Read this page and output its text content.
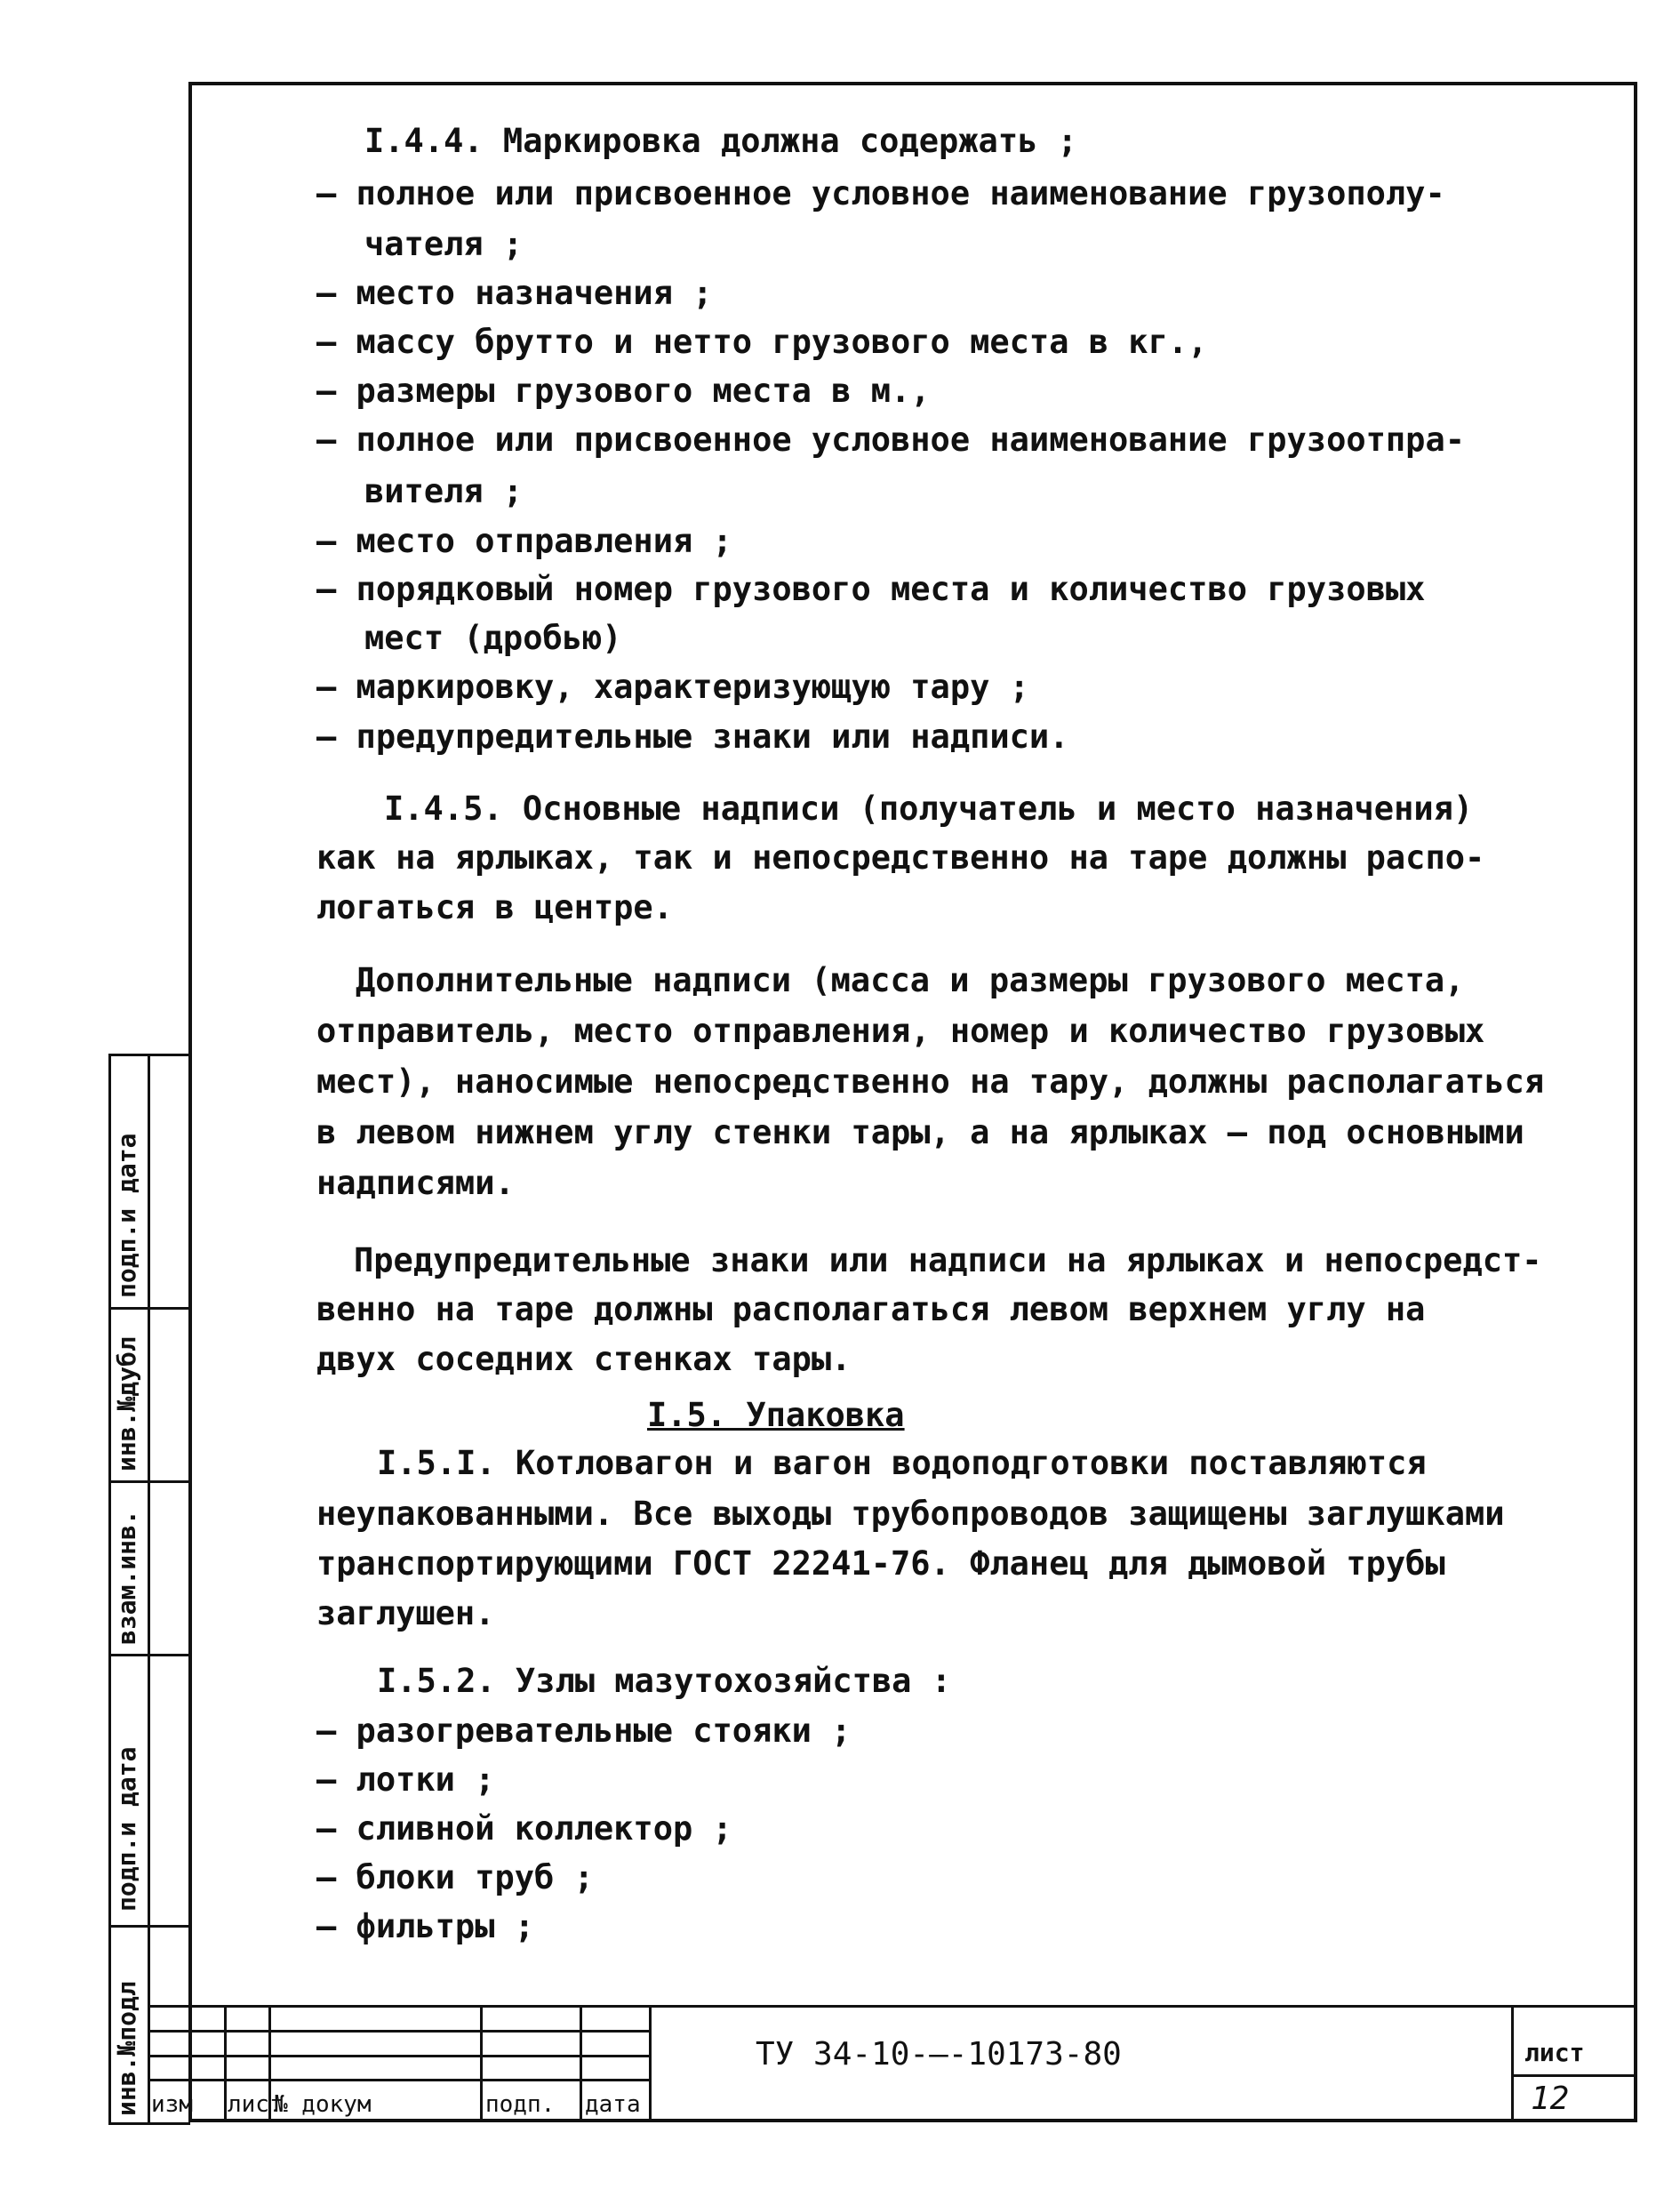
I.4.4. Маркировка должна содержать ;
– полное или присвоенное условное наименование грузополу-
чателя ;
– место назначения ;
– массу брутто и нетто грузового места в кг.,
– размеры грузового места в м.,
– полное или присвоенное условное наименование грузоотпра-
вителя ;
– место отправления ;
– порядковый номер грузового места и количество грузовых
мест (дробью)
– маркировку, характеризующую тару ;
– предупредительные знаки или надписи.
I.4.5. Основные надписи (получатель и место назначения)
как на ярлыках, так и непосредственно на таре должны распо-
логаться в центре.
Дополнительные надписи (масса и размеры грузового места,
отправитель, место отправления, номер и количество грузовых
мест), наносимые непосредственно на тару, должны располагаться
в левом нижнем углу стенки тары, а на ярлыках – под основными
надписями.
Предупредительные знаки или надписи на ярлыках и непосредст-
венно на таре должны располагаться левом верхнем углу на
двух соседних стенках тары.
I.5. Упаковка
I.5.I. Котловагон и вагон водоподготовки поставляются
неупакованными. Все выходы трубопроводов защищены заглушками
транспортирующими ГОСТ 22241-76. Фланец для дымовой трубы
заглушен.
I.5.2. Узлы мазутохозяйства :
– разогревательные стояки ;
– лотки ;
– сливной коллектор ;
– блоки труб ;
– фильтры ;
инв.№подл
подп.и дата
взам.инв.
инв.№дубл
подп.и дата
изм лист
№ докум	подп. дата
ТУ 34-10-—-10173-80	лист
12
